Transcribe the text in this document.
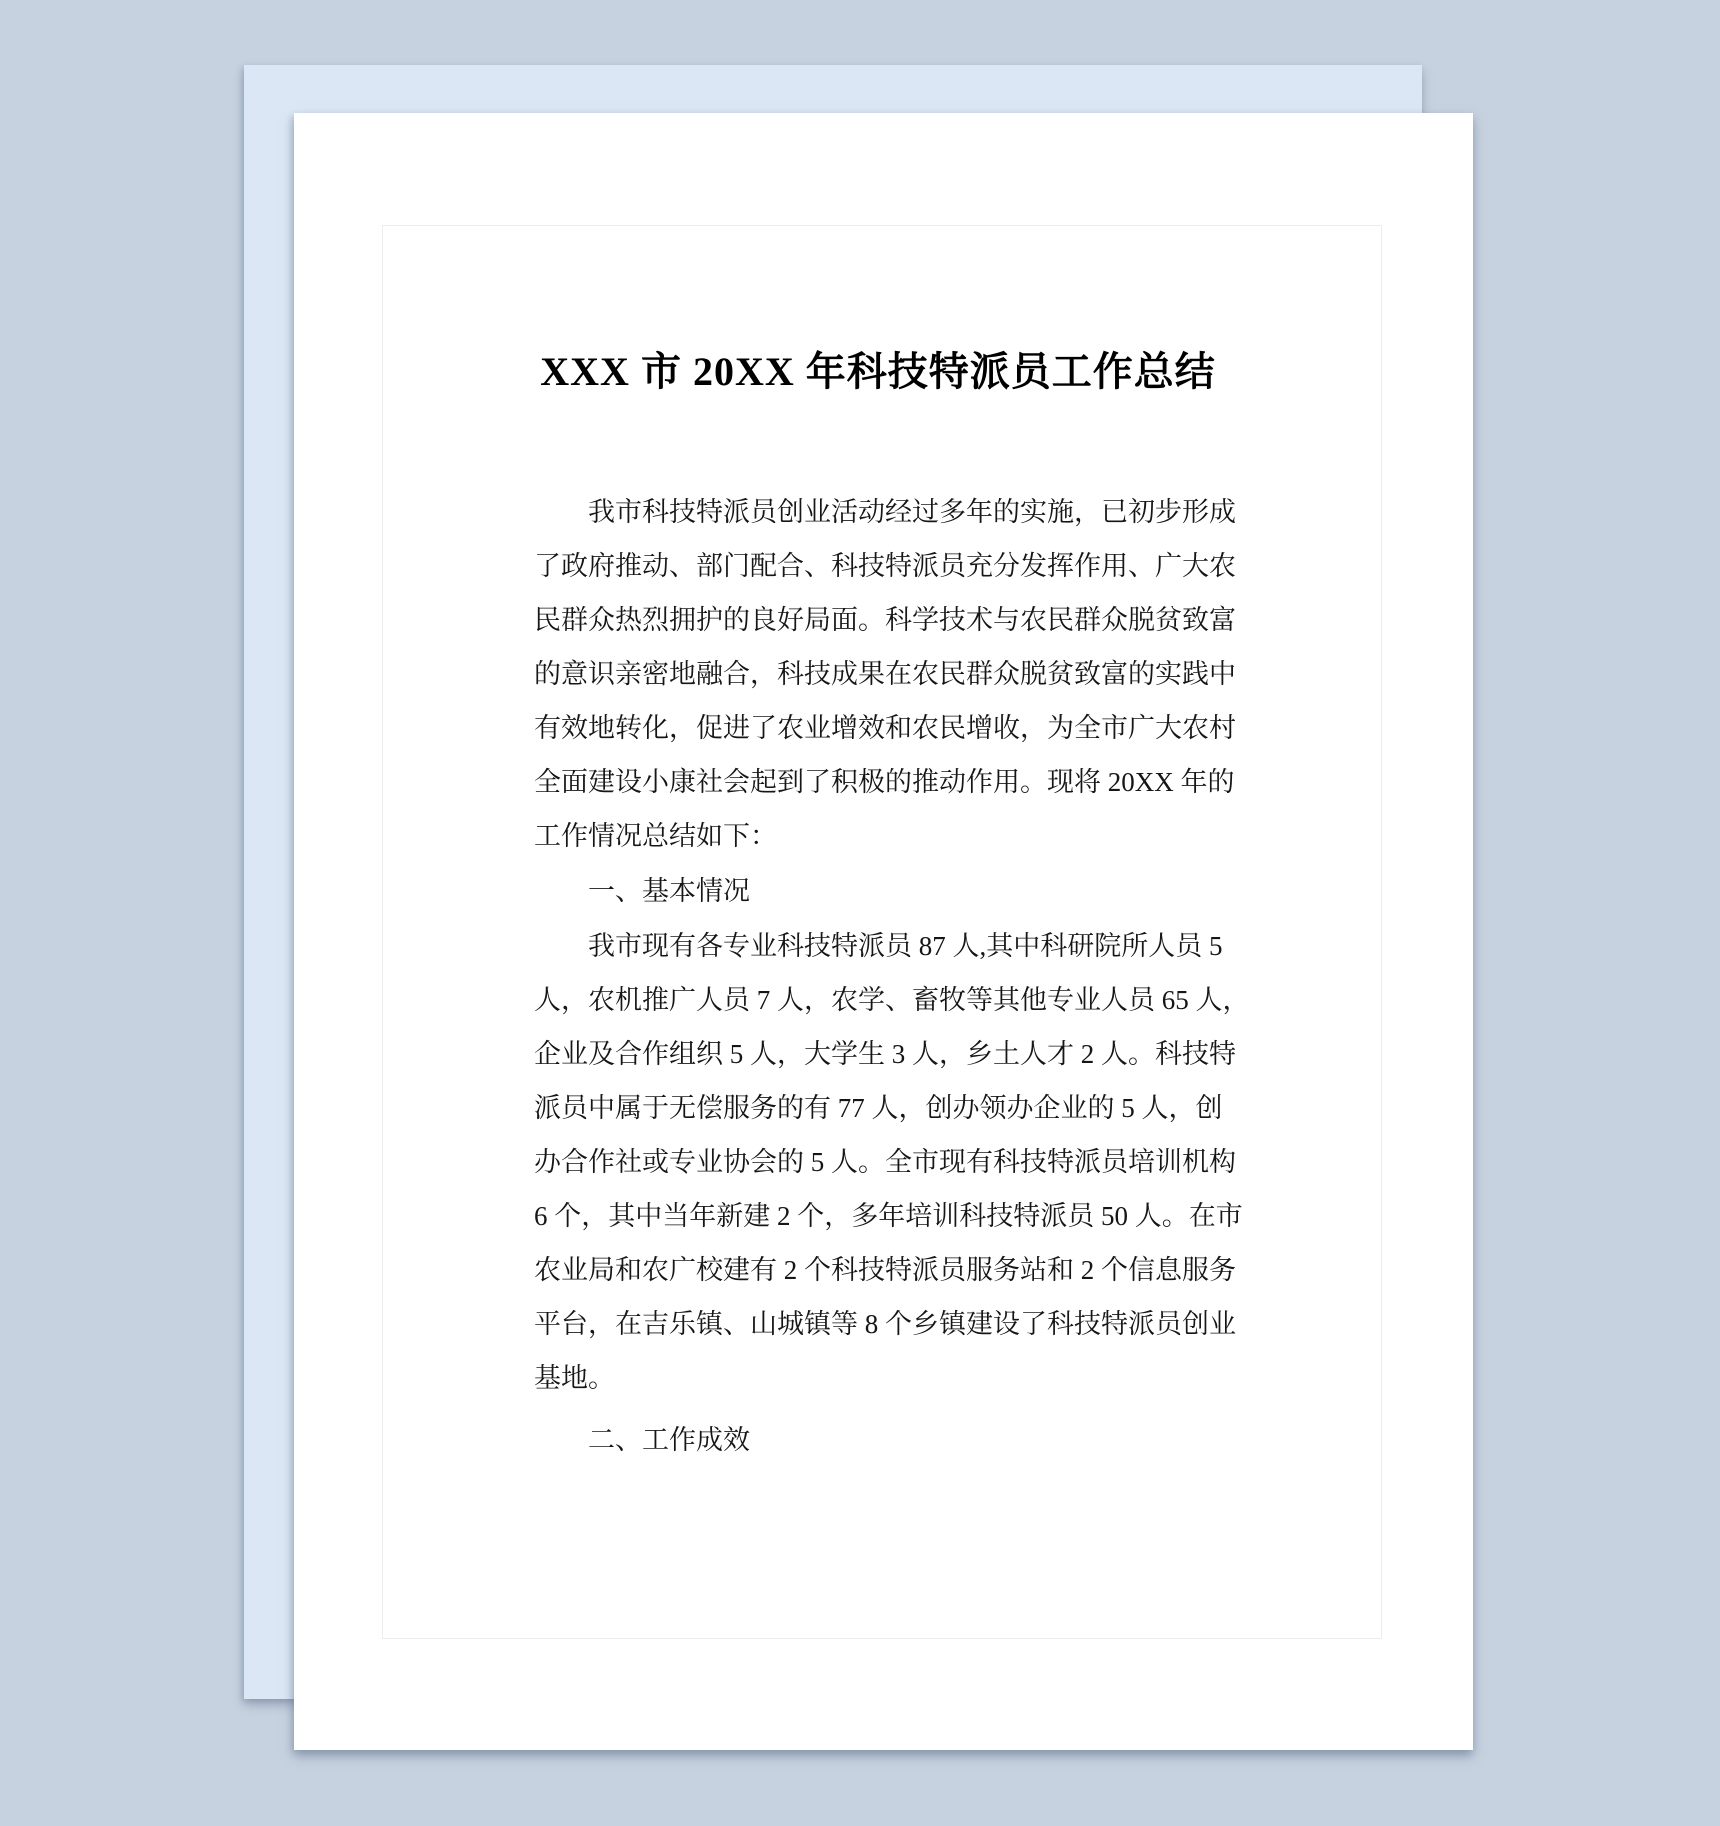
XXX 市 20XX 年科技特派员工作总结
我市科技特派员创业活动经过多年的实施，已初步形成
了政府推动、部门配合、科技特派员充分发挥作用、广大农
民群众热烈拥护的良好局面。科学技术与农民群众脱贫致富
的意识亲密地融合，科技成果在农民群众脱贫致富的实践中
有效地转化，促进了农业增效和农民增收，为全市广大农村
全面建设小康社会起到了积极的推动作用。现将 20XX 年的
工作情况总结如下：
一、基本情况
我市现有各专业科技特派员 87 人,其中科研院所人员 5
人，农机推广人员 7 人，农学、畜牧等其他专业人员 65 人，
企业及合作组织 5 人，大学生 3 人，乡土人才 2 人。科技特
派员中属于无偿服务的有 77 人，创办领办企业的 5 人，创
办合作社或专业协会的 5 人。全市现有科技特派员培训机构
6 个，其中当年新建 2 个，多年培训科技特派员 50 人。在市
农业局和农广校建有 2 个科技特派员服务站和 2 个信息服务
平台，在吉乐镇、山城镇等 8 个乡镇建设了科技特派员创业
基地。
二、工作成效
